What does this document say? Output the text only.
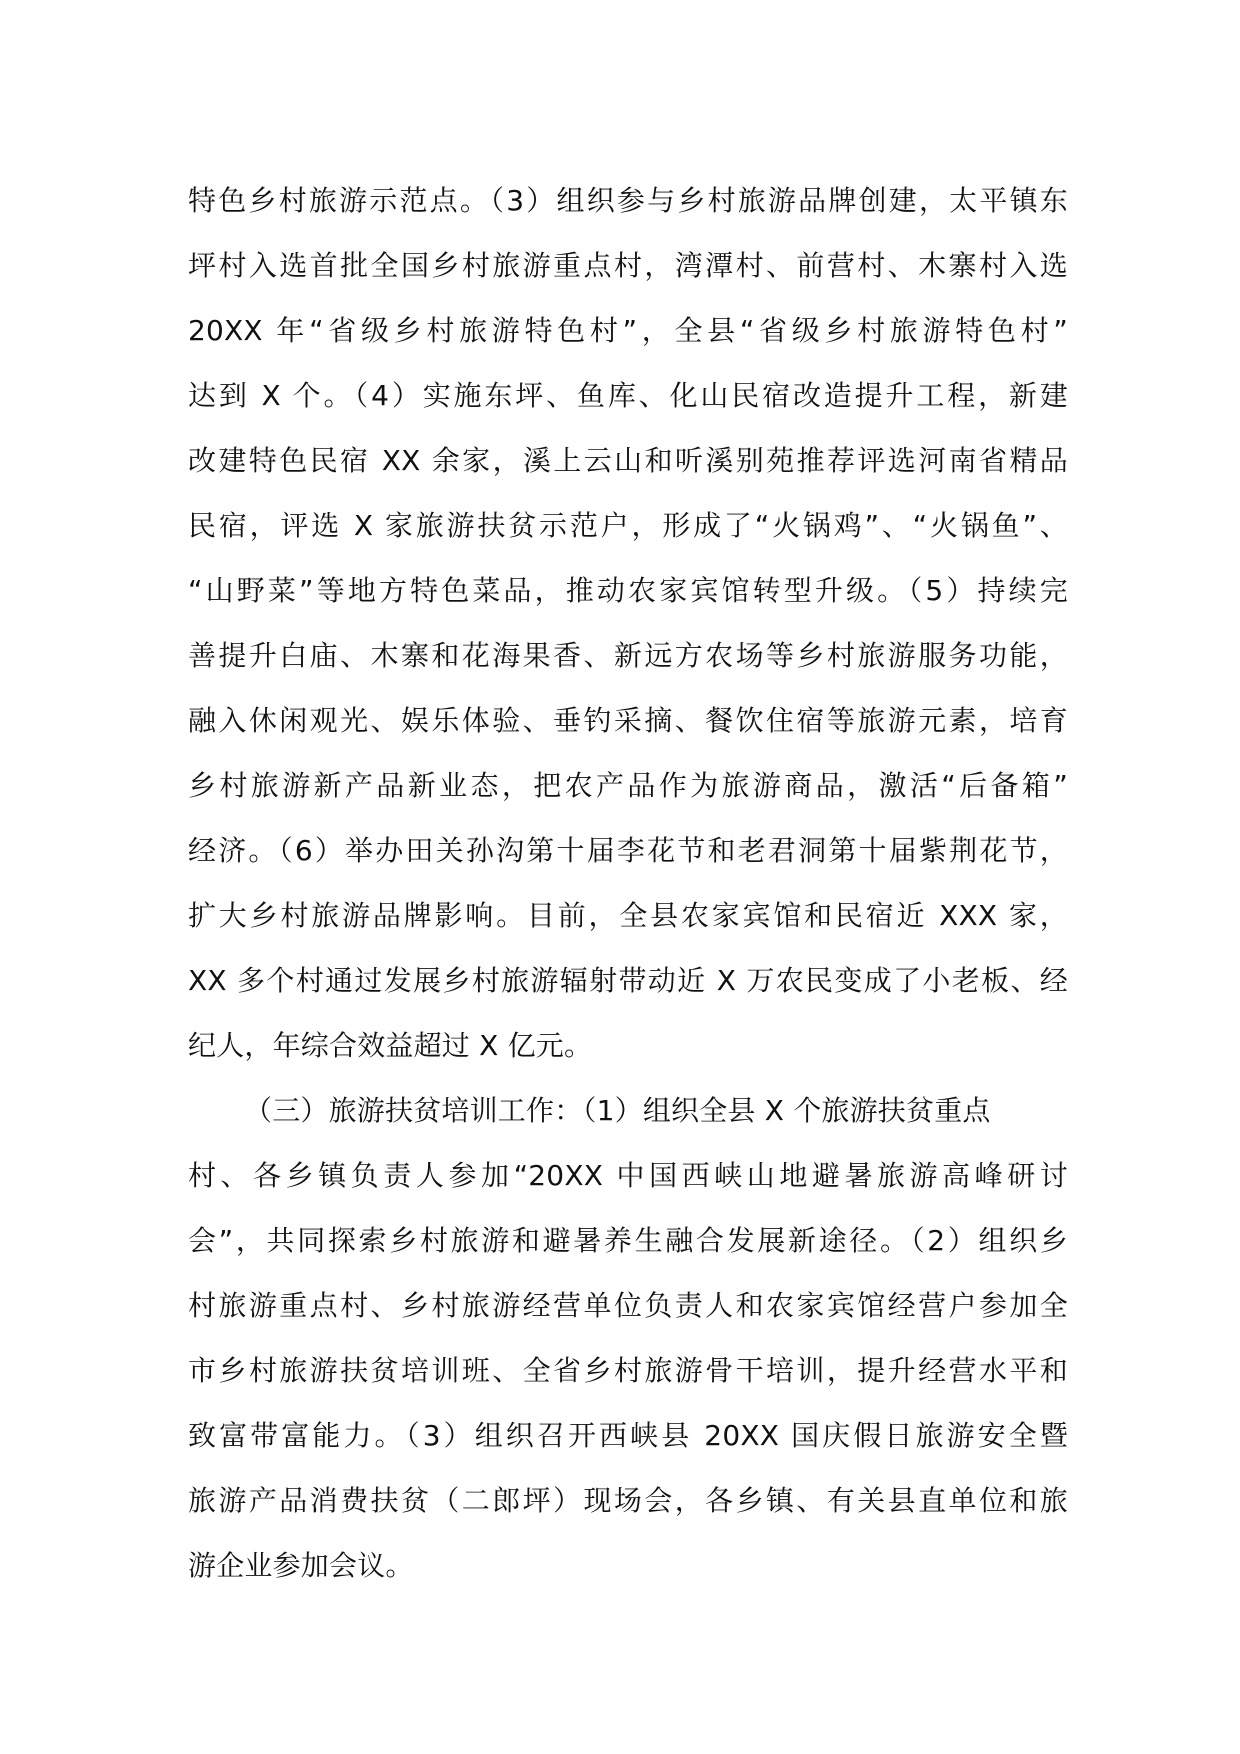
特色乡村旅游示范点。（3）组织参与乡村旅游品牌创建，太平镇东
坪村入选首批全国乡村旅游重点村，湾潭村、前营村、木寨村入选
20XX 年“省级乡村旅游特色村”，全县“省级乡村旅游特色村”
达到 X 个。（4）实施东坪、鱼库、化山民宿改造提升工程，新建
改建特色民宿 XX 余家，溪上云山和听溪别苑推荐评选河南省精品
民宿，评选 X 家旅游扶贫示范户，形成了“火锅鸡”、“火锅鱼”、
“山野菜”等地方特色菜品，推动农家宾馆转型升级。（5）持续完
善提升白庙、木寨和花海果香、新远方农场等乡村旅游服务功能，
融入休闲观光、娱乐体验、垂钓采摘、餐饮住宿等旅游元素，培育
乡村旅游新产品新业态，把农产品作为旅游商品，激活“后备箱”
经济。（6）举办田关孙沟第十届李花节和老君洞第十届紫荆花节，
扩大乡村旅游品牌影响。目前，全县农家宾馆和民宿近 XXX 家，
XX 多个村通过发展乡村旅游辐射带动近 X 万农民变成了小老板、经
纪人，年综合效益超过 X 亿元。
（三）旅游扶贫培训工作：（1）组织全县 X 个旅游扶贫重点
村、各乡镇负责人参加“20XX 中国西峡山地避暑旅游高峰研讨
会”，共同探索乡村旅游和避暑养生融合发展新途径。（2）组织乡
村旅游重点村、乡村旅游经营单位负责人和农家宾馆经营户参加全
市乡村旅游扶贫培训班、全省乡村旅游骨干培训，提升经营水平和
致富带富能力。（3）组织召开西峡县 20XX 国庆假日旅游安全暨
旅游产品消费扶贫（二郎坪）现场会，各乡镇、有关县直单位和旅
游企业参加会议。
